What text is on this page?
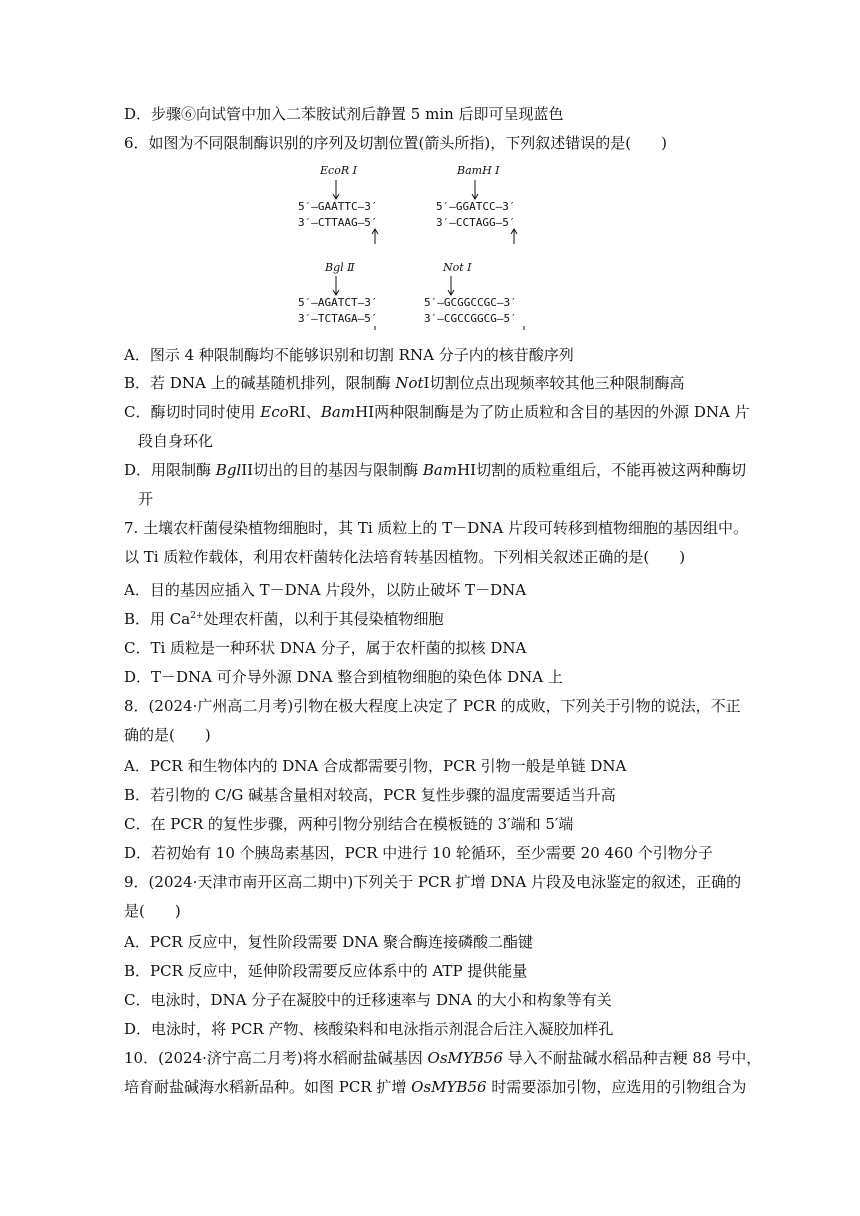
D．步骤⑥向试管中加入二苯胺试剂后静置 5 min 后即可呈现蓝色
6．如图为不同限制酶识别的序列及切割位置(箭头所指)，下列叙述错误的是(　　)
A．图示 4 种限制酶均不能够识别和切割 RNA 分子内的核苷酸序列
B．若 DNA 上的碱基随机排列，限制酶 NotI切割位点出现频率较其他三种限制酶高
C．酶切时同时使用 EcoRI、BamHI两种限制酶是为了防止质粒和含目的基因的外源 DNA 片
段自身环化
D．用限制酶 BglII切出的目的基因与限制酶 BamHI切割的质粒重组后，不能再被这两种酶切
开
7. 土壤农杆菌侵染植物细胞时，其 Ti 质粒上的 T－DNA 片段可转移到植物细胞的基因组中。
以 Ti 质粒作载体，利用农杆菌转化法培育转基因植物。下列相关叙述正确的是(　　)
A．目的基因应插入 T－DNA 片段外，以防止破坏 T－DNA
B．用 $Ca^{2+}$处理农杆菌，以利于其侵染植物细胞
C．Ti 质粒是一种环状 DNA 分子，属于农杆菌的拟核 DNA
D．T－DNA 可介导外源 DNA 整合到植物细胞的染色体 DNA 上
8．(2024·广州高二月考)引物在极大程度上决定了 PCR 的成败，下列关于引物的说法，不正
确的是(　　)
A．PCR 和生物体内的 DNA 合成都需要引物，PCR 引物一般是单链 DNA
B．若引物的 C/G 碱基含量相对较高，PCR 复性步骤的温度需要适当升高
C．在 PCR 的复性步骤，两种引物分别结合在模板链的 3′端和 5′端
D．若初始有 10 个胰岛素基因，PCR 中进行 10 轮循环，至少需要 20 460 个引物分子
9．(2024·天津市南开区高二期中)下列关于 PCR 扩增 DNA 片段及电泳鉴定的叙述，正确的
是(　　)
A．PCR 反应中，复性阶段需要 DNA 聚合酶连接磷酸二酯键
B．PCR 反应中，延伸阶段需要反应体系中的 ATP 提供能量
C．电泳时，DNA 分子在凝胶中的迁移速率与 DNA 的大小和构象等有关
D．电泳时，将 PCR 产物、核酸染料和电泳指示剂混合后注入凝胶加样孔
10．(2024·济宁高二月考)将水稻耐盐碱基因 OsMYB56 导入不耐盐碱水稻品种吉粳 88 号中，
培育耐盐碱海水稻新品种。如图 PCR 扩增 OsMYB56 时需要添加引物，应选用的引物组合为
EcoR Ⅰ
5′—GAATTC—3′
3′—CTTAAG—5′
BamH Ⅰ
5′—GGATCC—3′
3′—CCTAGG—5′
Bgl Ⅱ
5′—AGATCT—3′
3′—TCTAGA—5′
Not Ⅰ
5′—GCGGCCGC—3′
3′—CGCCGGCG—5′
